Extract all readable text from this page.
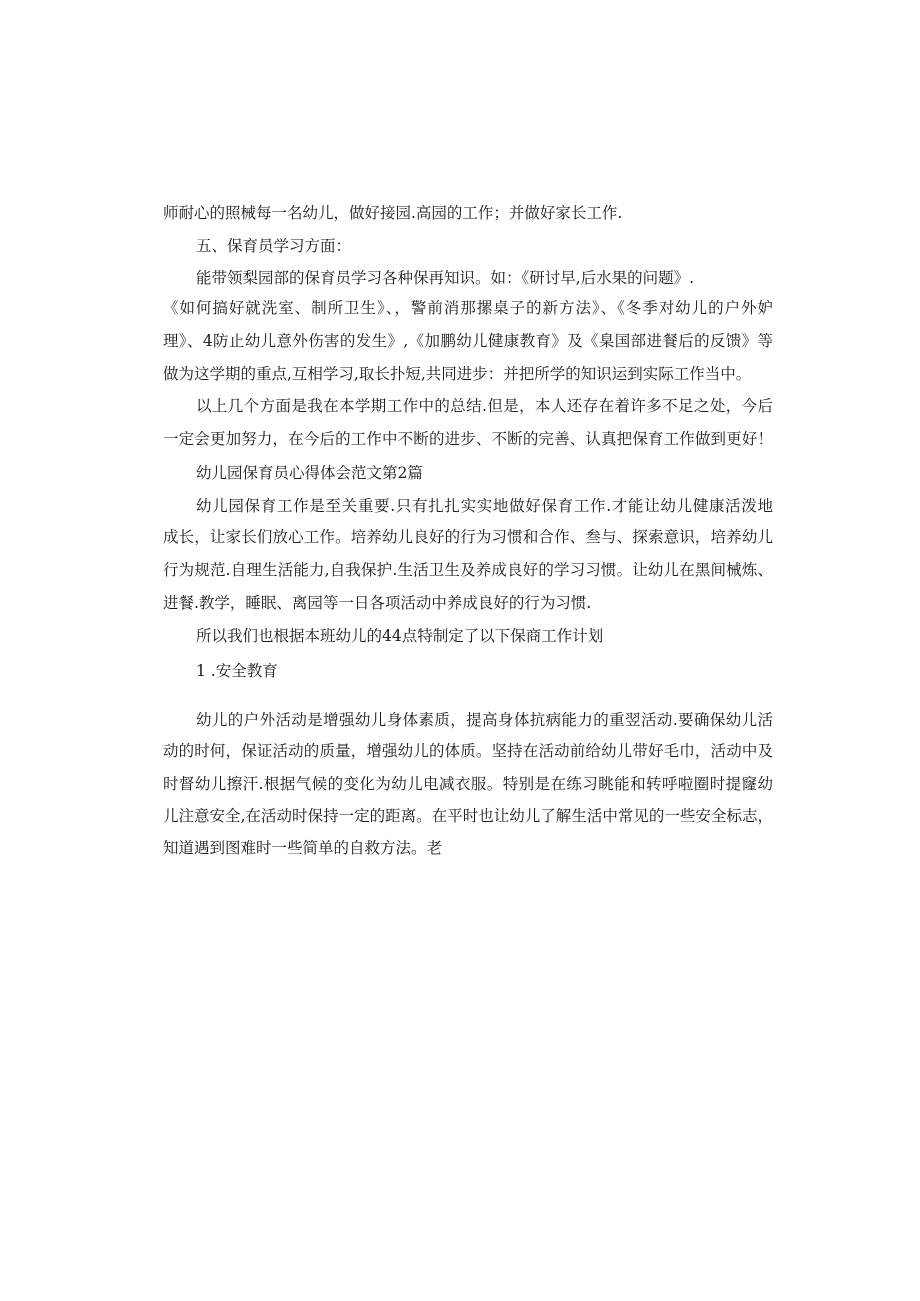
师耐心的照械每一名幼儿，做好接园.高园的工作；并做好家长工作.
五、保育员学习方面：
能带领梨园部的保育员学习各种保再知识。如：《研讨早,后水果的问题》.
《如何搞好就洗室、制所卫生》、，警前消那摞桌子的新方法》、《冬季对幼儿的户外妒
理》、4防止幼儿意外伤害的发生》,《加鹏幼儿健康教育》及《臬国部进餐后的反馈》等
做为这学期的重点,互相学习,取长扑短,共同进步：并把所学的知识运到实际工作当中。
以上几个方面是我在本学期工作中的总结.但是，本人还存在着许多不足之处，今后
一定会更加努力，在今后的工作中不断的进步、不断的完善、认真把保育工作做到更好！
幼儿园保育员心得体会范文第2篇
幼儿园保育工作是至关重要.只有扎扎实实地做好保育工作.才能让幼儿健康活泼地
成长，让家长们放心工作。培养幼儿良好的行为习惯和合作、叁与、探索意识，培养幼儿
行为规范.自理生活能力,自我保护.生活卫生及养成良好的学习习惯。让幼儿在黑间械炼、
进餐.教学，睡眠、离园等一日各项活动中养成良好的行为习惯.
所以我们也根据本班幼儿的44点特制定了以下保商工作计划
1 .安全教育
幼儿的户外活动是增强幼儿身体素质，提高身体抗病能力的重翌活动.要确保幼儿活
动的时何，保证活动的质量，增强幼儿的体质。坚持在活动前给幼儿带好毛巾，活动中及
时督幼儿擦汗.根据气候的变化为幼儿电减衣服。特别是在练习眺能和转呼啦圈时提窿幼
儿注意安全,在活动时保持一定的距离。在平时也让幼儿了解生活中常见的一些安全标志，
知道遇到图难时一些简单的自救方法。老
